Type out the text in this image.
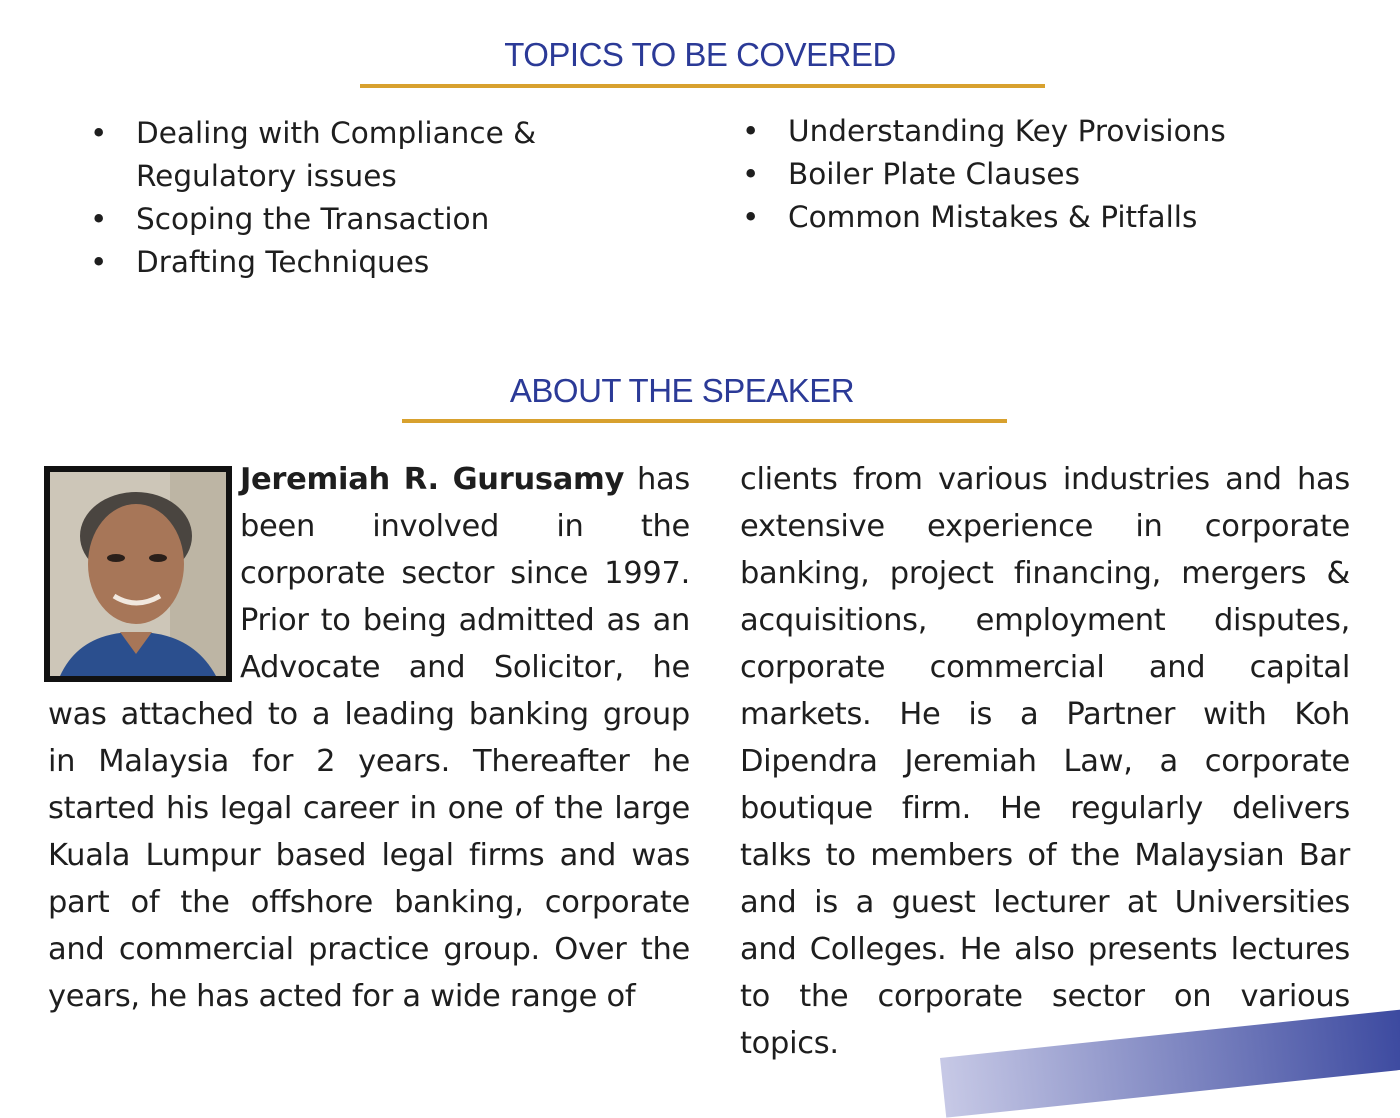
TOPICS TO BE COVERED
• Dealing with Compliance & Regulatory issues
• Scoping the Transaction
• Drafting Techniques
• Understanding Key Provisions
• Boiler Plate Clauses
• Common Mistakes & Pitfalls
ABOUT THE SPEAKER
Jeremiah R. Gurusamy has been involved in the corporate sector since 1997. Prior to being admitted as an Advocate and Solicitor, he was attached to a leading banking group in Malaysia for 2 years. Thereafter he started his legal career in one of the large Kuala Lumpur based legal firms and was part of the offshore banking, corporate and commercial practice group. Over the years, he has acted for a wide range of
clients from various industries and has extensive experience in corporate banking, project financing, mergers & acquisitions, employment disputes, corporate commercial and capital markets. He is a Partner with Koh Dipendra Jeremiah Law, a corporate boutique firm. He regularly delivers talks to members of the Malaysian Bar and is a guest lecturer at Universities and Colleges. He also presents lectures to the corporate sector on various topics.
